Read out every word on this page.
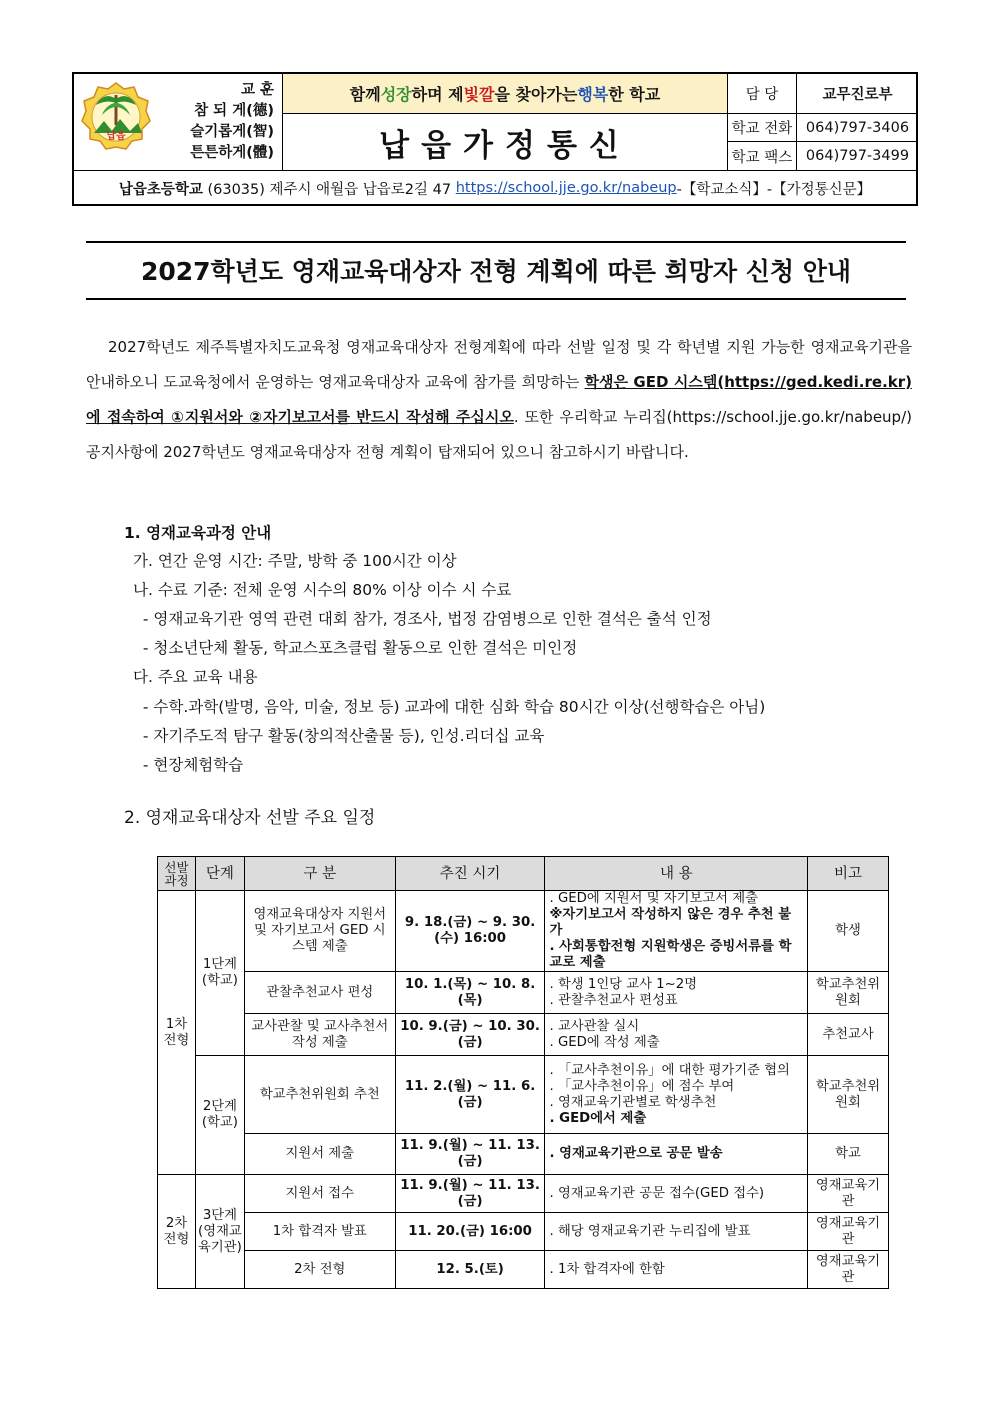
납읍
교 훈
참 되 게(德)
슬기롭게(智)
튼튼하게(體)
함께 성장 하며 제 빛깔 을 찾아가는 행복 한 학교
납읍가정통신
담 당	교무진로부
학교 전화 064)797-3406
학교 팩스 064)797-3499
납읍초등학교 (63035) 제주시 애월읍 납읍로2길 47 https://school.jje.go.kr/nabeup -【학교소식】-【가정통신문】
2027학년도 영재교육대상자 전형 계획에 따른 희망자 신청 안내
2027학년도 제주특별자치도교육청 영재교육대상자 전형계획에 따라 선발 일정 및 각 학년별 지원 가능한 영재교육기관을 안내하오니 도교육청에서 운영하는 영재교육대상자 교육에 참가를 희망하는 학생은 GED 시스템(https://ged.kedi.re.kr)에 접속하여 ①지원서와 ②자기보고서를 반드시 작성해 주십시오. 또한 우리학교 누리집(https://school.jje.go.kr/nabeup/) 공지사항에 2027학년도 영재교육대상자 전형 계획이 탑재되어 있으니 참고하시기 바랍니다.
1. 영재교육과정 안내
가. 연간 운영 시간: 주말, 방학 중 100시간 이상
나. 수료 기준: 전체 운영 시수의 80% 이상 이수 시 수료
- 영재교육기관 영역 관련 대회 참가, 경조사, 법정 감염병으로 인한 결석은 출석 인정
- 청소년단체 활동, 학교스포츠클럽 활동으로 인한 결석은 미인정
다. 주요 교육 내용
- 수학.과학(발명, 음악, 미술, 정보 등) 교과에 대한 심화 학습 80시간 이상(선행학습은 아님)
- 자기주도적 탐구 활동(창의적산출물 등), 인성.리더십 교육
- 현장체험학습
2. 영재교육대상자 선발 주요 일정
선발과정	단계	구 분	추진 시기	내 용	비고
1차전형	1단계(학교)	영재교육대상자 지원서 및 자기보고서 GED 시스템 제출	9. 18.(금) ~ 9. 30.(수) 16:00	. GED에 지원서 및 자기보고서 제출
※자기보고서 작성하지 않은 경우 추천 불가
. 사회통합전형 지원학생은 증빙서류를 학교로 제출	학생
		관찰추천교사 편성	10. 1.(목) ~ 10. 8.(목)	. 학생 1인당 교사 1~2명
. 관찰추천교사 편성표	학교추천위원회
		교사관찰 및 교사추천서 작성 제출	10. 9.(금) ~ 10. 30.(금)	. 교사관찰 실시
. GED에 작성 제출	추천교사
	2단계(학교)	학교추천위원회 추천	11. 2.(월) ~ 11. 6.(금)	. 「교사추천이유」에 대한 평가기준 협의
. 「교사추천이유」에 점수 부여
. 영재교육기관별로 학생추천
. GED에서 제출	학교추천위원회
		지원서 제출	11. 9.(월) ~ 11. 13.(금)	. 영재교육기관으로 공문 발송	학교
2차전형	3단계(영재교육기관)	지원서 접수	11. 9.(월) ~ 11. 13.(금)	. 영재교육기관 공문 접수(GED 접수)	영재교육기관
		1차 합격자 발표	11. 20.(금) 16:00	. 해당 영재교육기관 누리집에 발표	영재교육기관
		2차 전형	12. 5.(토)	. 1차 합격자에 한함	영재교육기관
